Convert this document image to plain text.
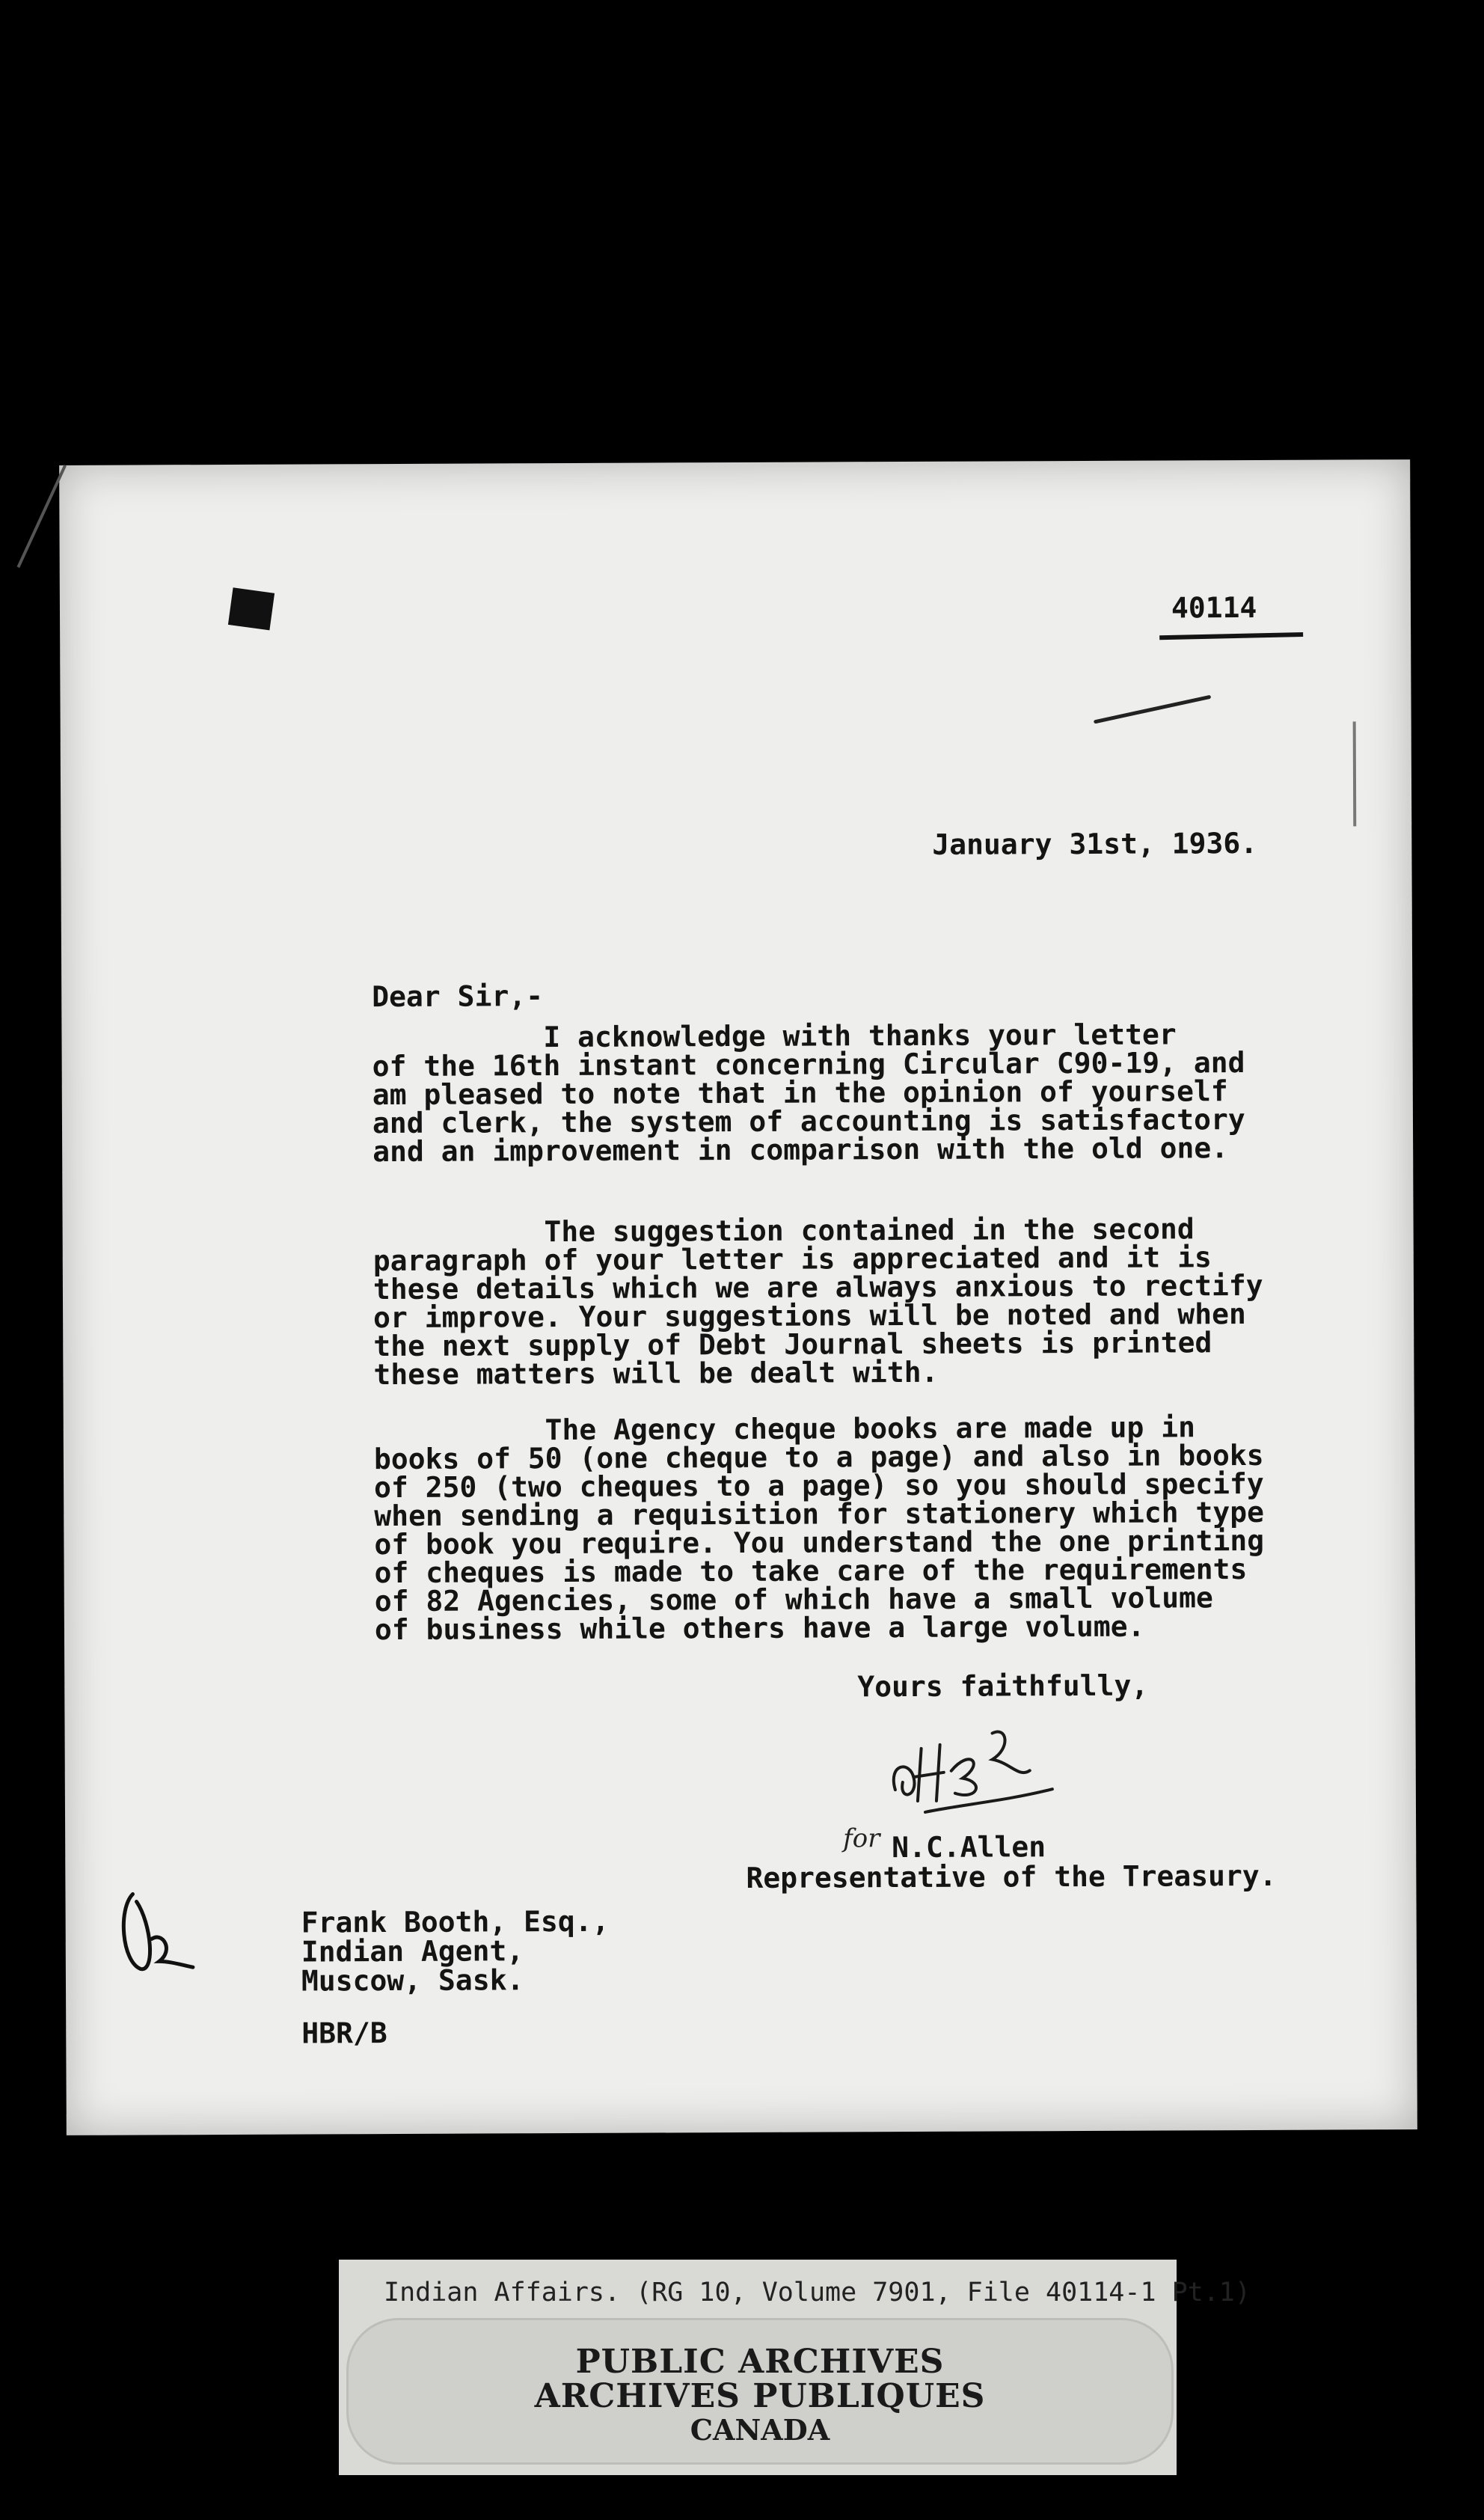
40114
January 31st, 1936.
Dear Sir,-

I acknowledge with thanks your letter
of the 16th instant concerning Circular C90-19, and
am pleased to note that in the opinion of yourself
and clerk, the system of accounting is satisfactory
and an improvement in comparison with the old one.

The suggestion contained in the second
paragraph of your letter is appreciated and it is
these details which we are always anxious to rectify
or improve. Your suggestions will be noted and when
the next supply of Debt Journal sheets is printed
these matters will be dealt with.

The Agency cheque books are made up in
books of 50 (one cheque to a page) and also in books
of 250 (two cheques to a page) so you should specify
when sending a requisition for stationery which type
of book you require. You understand the one printing
of cheques is made to take care of the requirements
of 82 Agencies, some of which have a small volume
of business while others have a large volume.

Yours faithfully,
for N.C.Allen
Representative of the Treasury.
Frank Booth, Esq.,
Indian Agent,
Muscow, Sask.
HBR/B
Indian Affairs. (RG 10, Volume 7901, File 40114-1 Pt.1)
PUBLIC ARCHIVES
ARCHIVES PUBLIQUES
CANADA
